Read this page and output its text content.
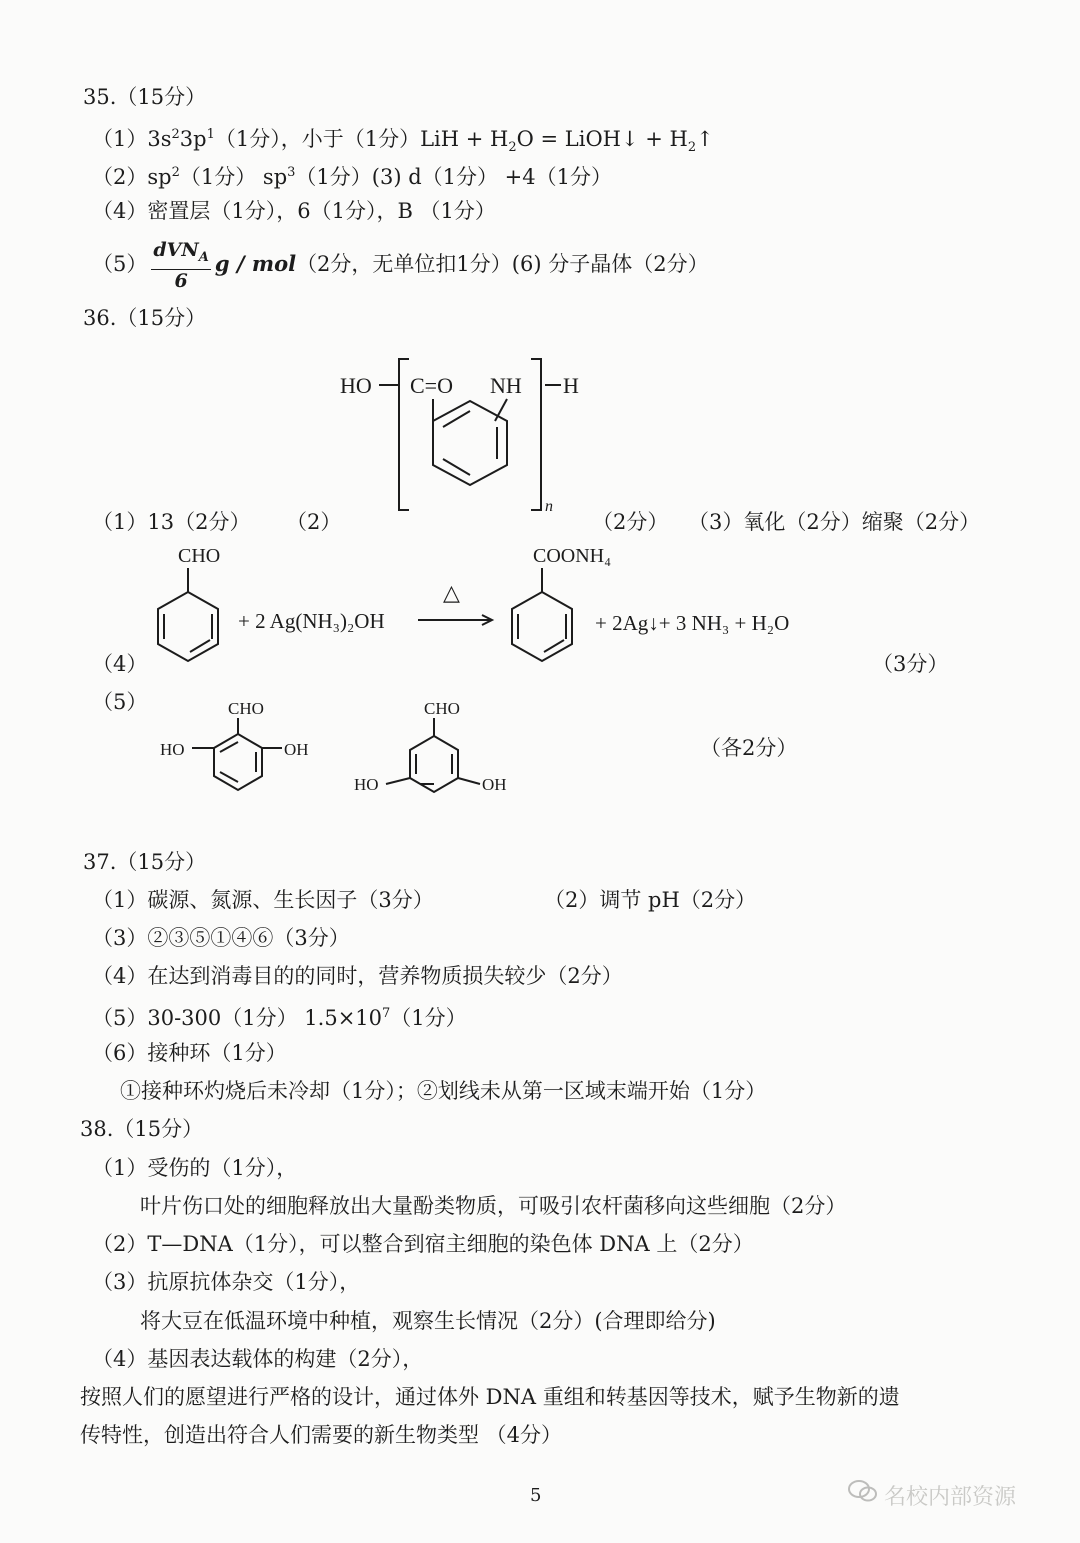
35.（15分）
$(1)3s^23p^1(1$分），小于（1分）$LiH + H_2O$ = LiOH↓ + $H_2↑$
$(2)sp^2(1$分） $sp^3(1$分）(3) d（1分） +4（1分）
（4）密置层（1分），6（1分），B （1分）
$(5) \frac{dVN_A}{6}$ g / mol（2分，无单位扣1分）(6) 分子晶体（2分）
36.（15分）
HO C=O NH H
n
（1）13（2分） （2）	（2分） （3）氧化（2分）缩聚（2分）
CHO
+ 2 Ag(NH₃)₂OH
△
COONH₄
+ 2Ag↓+ 3 NH₃ + H₂O
（4）	（3分）
（5）	CHO
HO	OH
CHO
HO	OH
（各2分）
37.（15分）
（1）碳源、氮源、生长因子（3分）	（2）调节 pH（2分）
（3）②③⑤①④⑥（3分）
（4）在达到消毒目的的同时，营养物质损失较少（2分）
（5）30-300（1分） $1.5\times 10^7(1$分）
（6）接种环（1分）
①接种环灼烧后未冷却（1分）；②划线未从第一区域末端开始（1分）
38.（15分）
（1）受伤的（1分），
叶片伤口处的细胞释放出大量酚类物质，可吸引农杆菌移向这些细胞（2分）
（2）T—DNA（1分），可以整合到宿主细胞的染色体 DNA 上（2分）
（3）抗原抗体杂交（1分），
将大豆在低温环境中种植，观察生长情况（2分）(合理即给分)
（4）基因表达载体的构建（2分），
按照人们的愿望进行严格的设计，通过体外 DNA 重组和转基因等技术，赋予生物新的遗
传特性，创造出符合人们需要的新生物类型 （4分）
5	名校内部资源
